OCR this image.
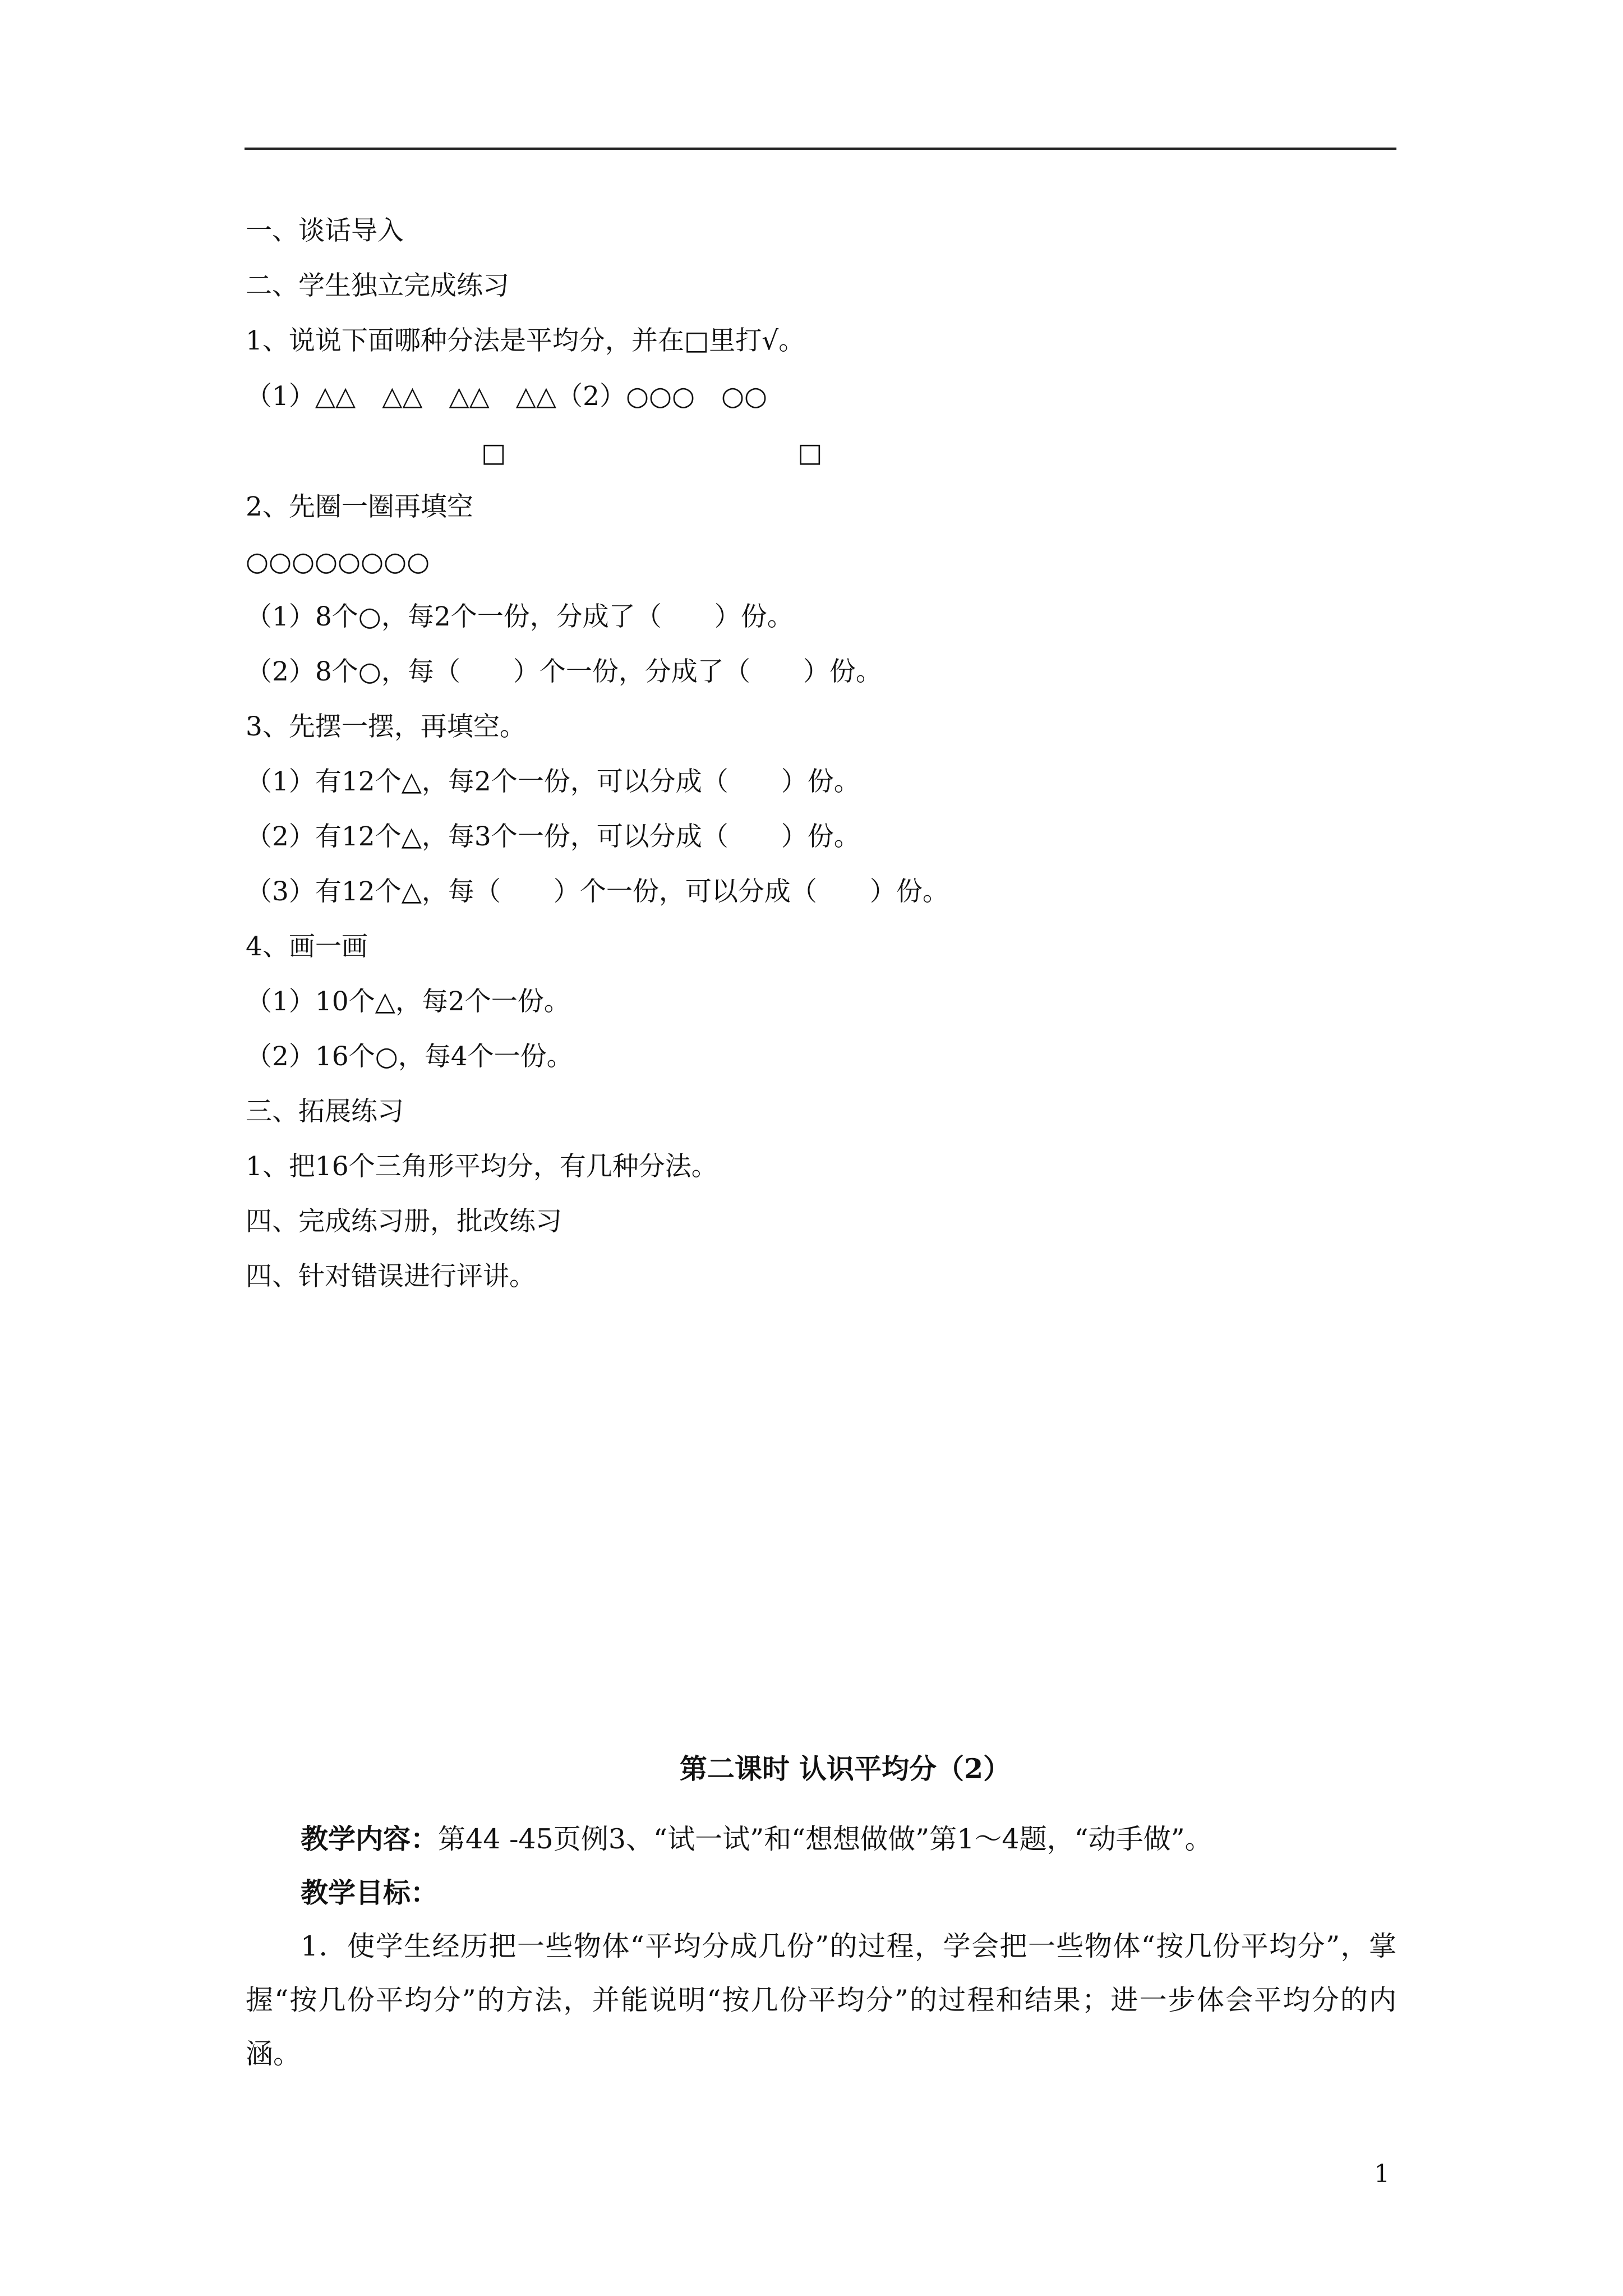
一、谈话导入
二、学生独立完成练习
1、说说下面哪种分法是平均分，并在□里打√。
（1）△△　△△　△△　△△（2）○○○　○○
□	□
2、先圈一圈再填空
○○○○○○○○
（1）8个○，每2个一份，分成了（　　）份。
（2）8个○，每（　　）个一份，分成了（　　）份。
3、先摆一摆，再填空。
（1）有12个△，每2个一份，可以分成（　　）份。
（2）有12个△，每3个一份，可以分成（　　）份。
（3）有12个△，每（　　）个一份，可以分成（　　）份。
4、画一画
（1）10个△，每2个一份。
（2）16个○，每4个一份。
三、拓展练习
1、把16个三角形平均分，有几种分法。
四、完成练习册，批改练习
四、针对错误进行评讲。
第二课时 认识平均分（2）
教学内容：第44 -45页例3、“试一试”和“想想做做”第1～4题，“动手做”。
教学目标：
1．使学生经历把一些物体“平均分成几份”的过程，学会把一些物体“按几份平均分”，掌握“按几份平均分”的方法，并能说明“按几份平均分”的过程和结果；进一步体会平均分的内涵。
1
